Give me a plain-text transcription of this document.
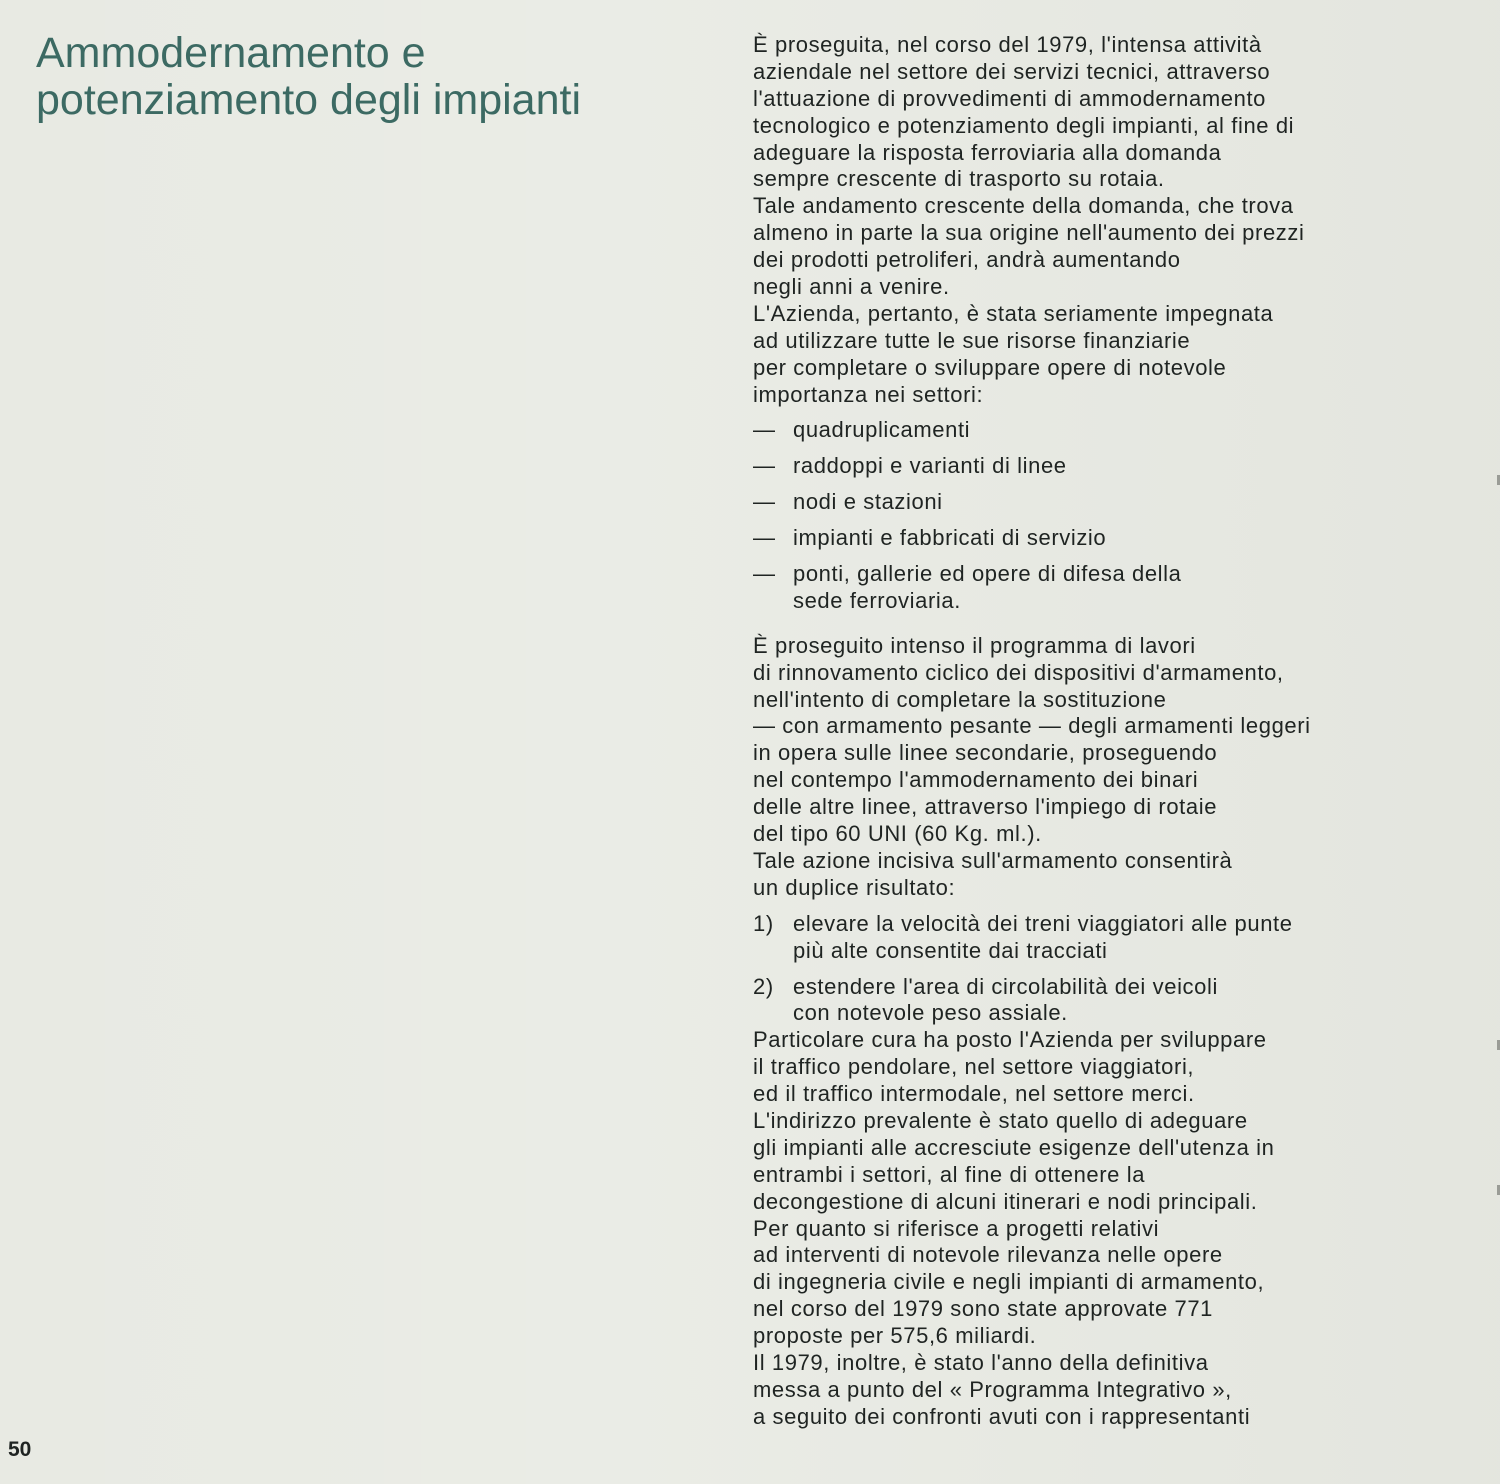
Ammodernamento e
potenziamento degli impianti
È proseguita, nel corso del 1979, l'intensa attività
aziendale nel settore dei servizi tecnici, attraverso
l'attuazione di provvedimenti di ammodernamento
tecnologico e potenziamento degli impianti, al fine di
adeguare la risposta ferroviaria alla domanda
sempre crescente di trasporto su rotaia.
Tale andamento crescente della domanda, che trova
almeno in parte la sua origine nell'aumento dei prezzi
dei prodotti petroliferi, andrà aumentando
negli anni a venire.
L'Azienda, pertanto, è stata seriamente impegnata
ad utilizzare tutte le sue risorse finanziarie
per completare o sviluppare opere di notevole
importanza nei settori:
— quadruplicamenti
— raddoppi e varianti di linee
— nodi e stazioni
— impianti e fabbricati di servizio
— ponti, gallerie ed opere di difesa della
sede ferroviaria.
È proseguito intenso il programma di lavori
di rinnovamento ciclico dei dispositivi d'armamento,
nell'intento di completare la sostituzione
— con armamento pesante — degli armamenti leggeri
in opera sulle linee secondarie, proseguendo
nel contempo l'ammodernamento dei binari
delle altre linee, attraverso l'impiego di rotaie
del tipo 60 UNI (60 Kg. ml.).
Tale azione incisiva sull'armamento consentirà
un duplice risultato:
1) elevare la velocità dei treni viaggiatori alle punte
più alte consentite dai tracciati
2) estendere l'area di circolabilità dei veicoli
con notevole peso assiale.
Particolare cura ha posto l'Azienda per sviluppare
il traffico pendolare, nel settore viaggiatori,
ed il traffico intermodale, nel settore merci.
L'indirizzo prevalente è stato quello di adeguare
gli impianti alle accresciute esigenze dell'utenza in
entrambi i settori, al fine di ottenere la
decongestione di alcuni itinerari e nodi principali.
Per quanto si riferisce a progetti relativi
ad interventi di notevole rilevanza nelle opere
di ingegneria civile e negli impianti di armamento,
nel corso del 1979 sono state approvate 771
proposte per 575,6 miliardi.
Il 1979, inoltre, è stato l'anno della definitiva
messa a punto del « Programma Integrativo »,
a seguito dei confronti avuti con i rappresentanti
50
